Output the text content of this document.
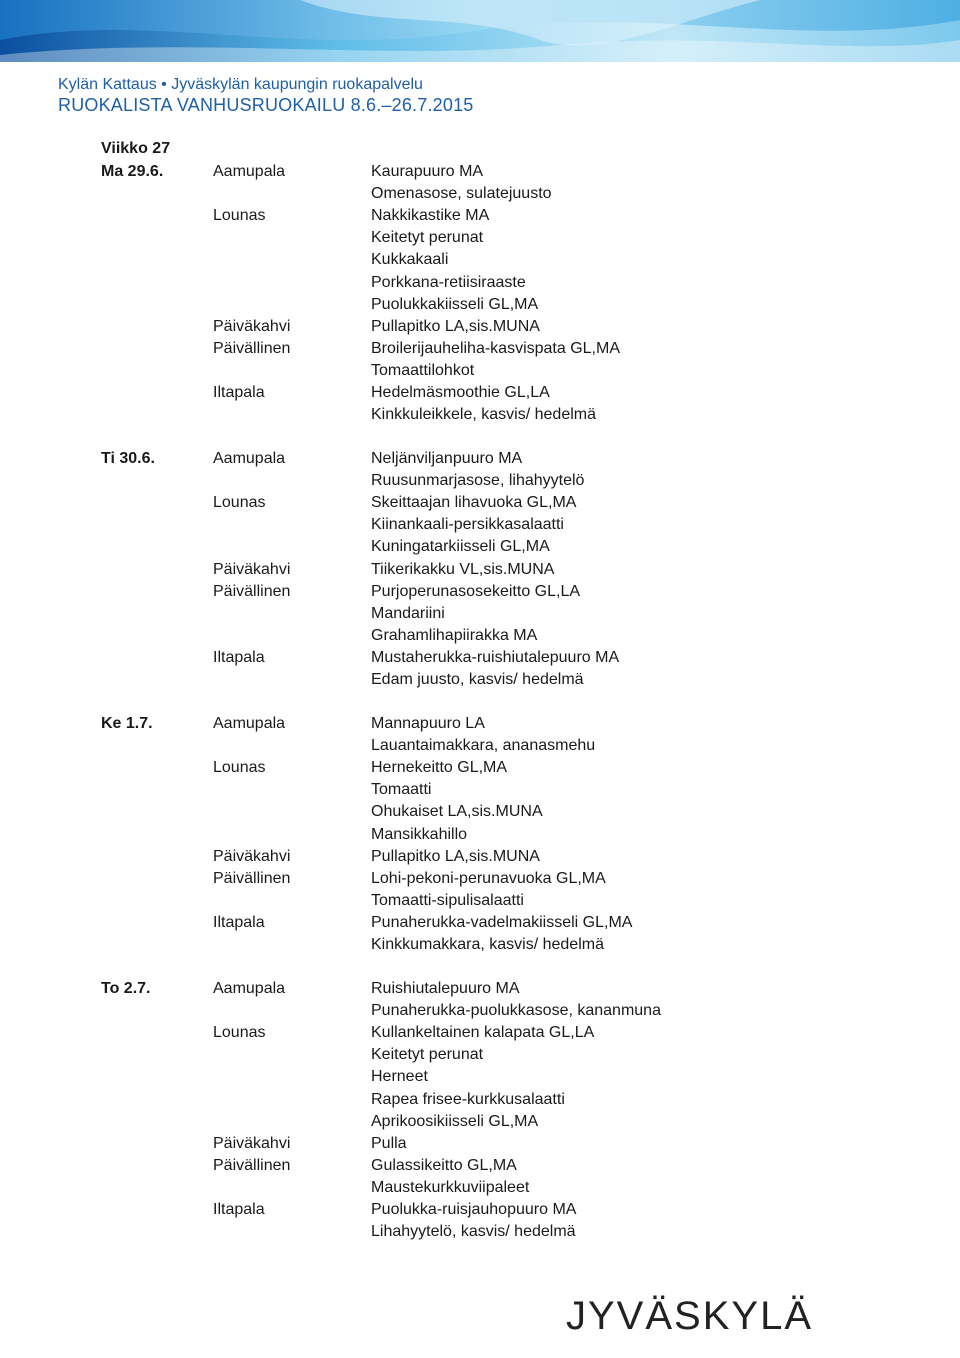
Kylän Kattaus • Jyväskylän kaupungin ruokapalvelu
RUOKALISTA VANHUSRUOKAILU 8.6.–26.7.2015
Viikko 27
Ma 29.6.	Aamupala	Kaurapuuro MA
Omenasose, sulatejuusto
Lounas	Nakkikastike MA
Keitetyt perunat
Kukkakaali
Porkkana-retiisiraaste
Puolukkakiisseli GL,MA
Päiväkahvi	Pullapitko LA,sis.MUNA
Päivällinen	Broilerijauheliha-kasvispata GL,MA
Tomaattilohkot
Iltapala	Hedelmäsmoothie GL,LA
Kinkkuleikkele, kasvis/ hedelmä
Ti 30.6.	Aamupala	Neljänviljanpuuro MA
Ruusunmarjasose, lihahyytelö
Lounas	Skeittaajan lihavuoka GL,MA
Kiinankaali-persikkasalaatti
Kuningatarkiisseli GL,MA
Päiväkahvi	Tiikerikakku VL,sis.MUNA
Päivällinen	Purjoperunasosekeitto GL,LA
Mandariini
Grahamlihapiirakka MA
Iltapala	Mustaherukka-ruishiutalepuuro MA
Edam juusto, kasvis/ hedelmä
Ke 1.7.	Aamupala	Mannapuuro LA
Lauantaimakkara, ananasmehu
Lounas	Hernekeitto GL,MA
Tomaatti
Ohukaiset LA,sis.MUNA
Mansikkahillo
Päiväkahvi	Pullapitko LA,sis.MUNA
Päivällinen	Lohi-pekoni-perunavuoka GL,MA
Tomaatti-sipulisalaatti
Iltapala	Punaherukka-vadelmakiisseli GL,MA
Kinkkumakkara, kasvis/ hedelmä
To 2.7.	Aamupala	Ruishiutalepuuro MA
Punaherukka-puolukkasose, kananmuna
Lounas	Kullankeltainen kalapata GL,LA
Keitetyt perunat
Herneet
Rapea frisee-kurkkusalaatti
Aprikoosikiisseli GL,MA
Päiväkahvi	Pulla
Päivällinen	Gulassikeitto GL,MA
Maustekurkkuviipaleet
Iltapala	Puolukka-ruisjauhopuuro MA
Lihahyytelö, kasvis/ hedelmä
JYVÄSKYLÄ
